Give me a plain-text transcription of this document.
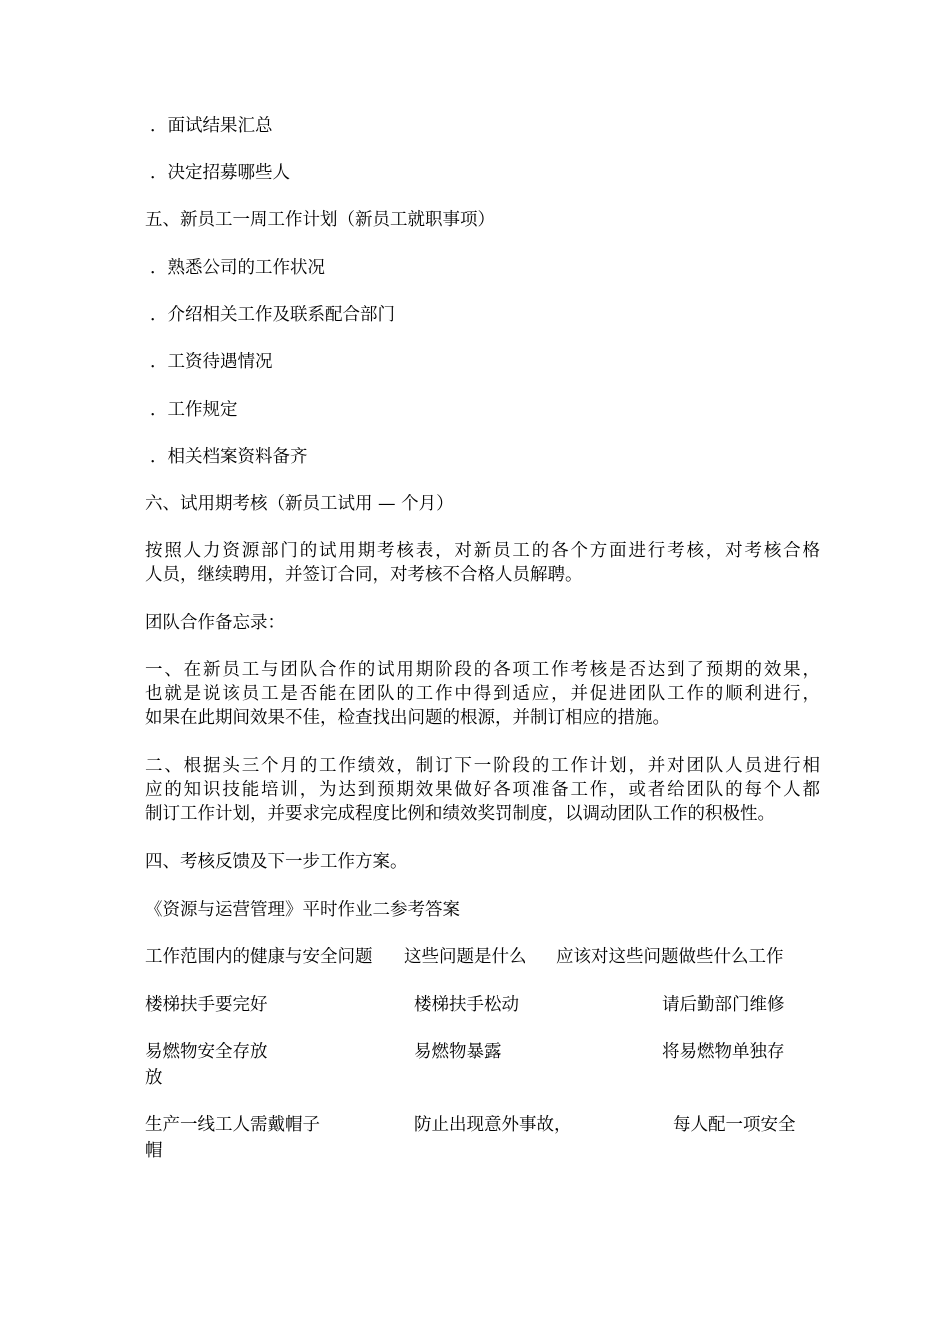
．面试结果汇总
．决定招募哪些人
五、新员工一周工作计划（新员工就职事项）
．熟悉公司的工作状况
．介绍相关工作及联系配合部门
．工资待遇情况
．工作规定
．相关档案资料备齐
六、试用期考核（新员工试用 — 个月）
按照人力资源部门的试用期考核表，对新员工的各个方面进行考核，对考核合格
人员，继续聘用，并签订合同，对考核不合格人员解聘。
团队合作备忘录：
一、在新员工与团队合作的试用期阶段的各项工作考核是否达到了预期的效果，
也就是说该员工是否能在团队的工作中得到适应，并促进团队工作的顺利进行，
如果在此期间效果不佳，检查找出问题的根源，并制订相应的措施。
二、根据头三个月的工作绩效，制订下一阶段的工作计划，并对团队人员进行相
应的知识技能培训，为达到预期效果做好各项准备工作，或者给团队的每个人都
制订工作计划，并要求完成程度比例和绩效奖罚制度，以调动团队工作的积极性。
四、考核反馈及下一步工作方案。
《资源与运营管理》平时作业二参考答案
工作范围内的健康与安全问题 这些问题是什么 应该对这些问题做些什么工作
楼梯扶手要完好	楼梯扶手松动	请后勤部门维修
易燃物安全存放	易燃物暴露	将易燃物单独存
放
生产一线工人需戴帽子	防止出现意外事故，	每人配一项安全
帽
